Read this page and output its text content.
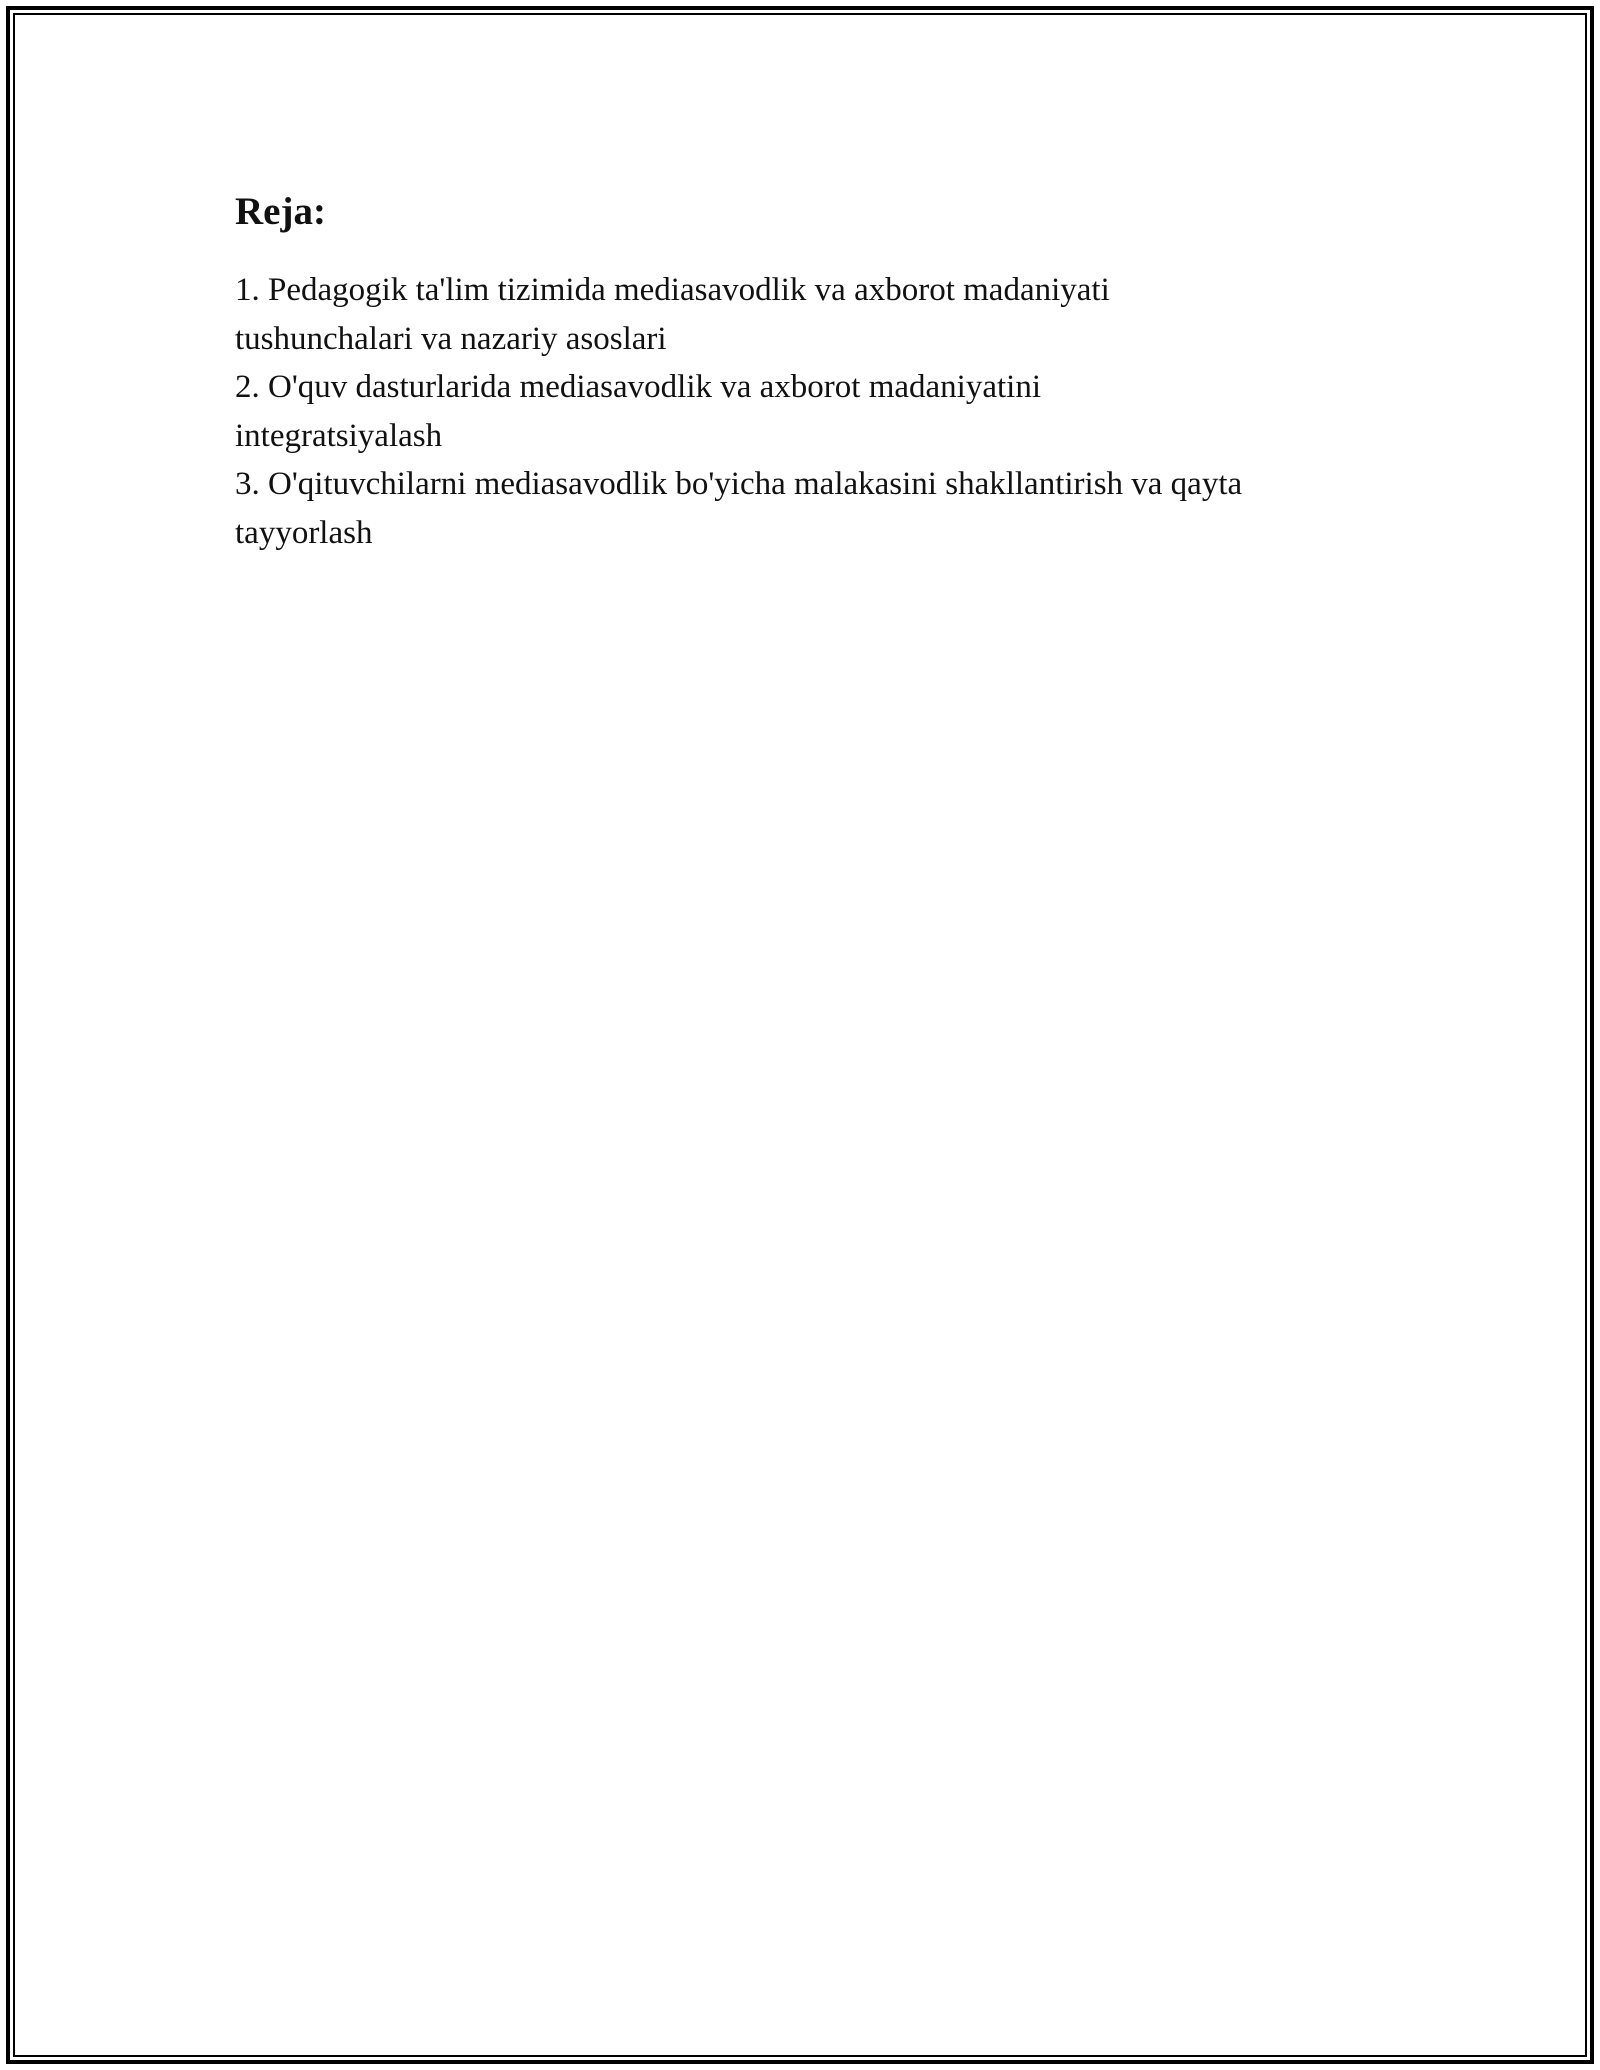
Reja:
1. Pedagogik ta'lim tizimida mediasavodlik va axborot madaniyati
tushunchalari va nazariy asoslari
2. O'quv dasturlarida mediasavodlik va axborot madaniyatini
integratsiyalash
3. O'qituvchilarni mediasavodlik bo'yicha malakasini shakllantirish va qayta
tayyorlash
